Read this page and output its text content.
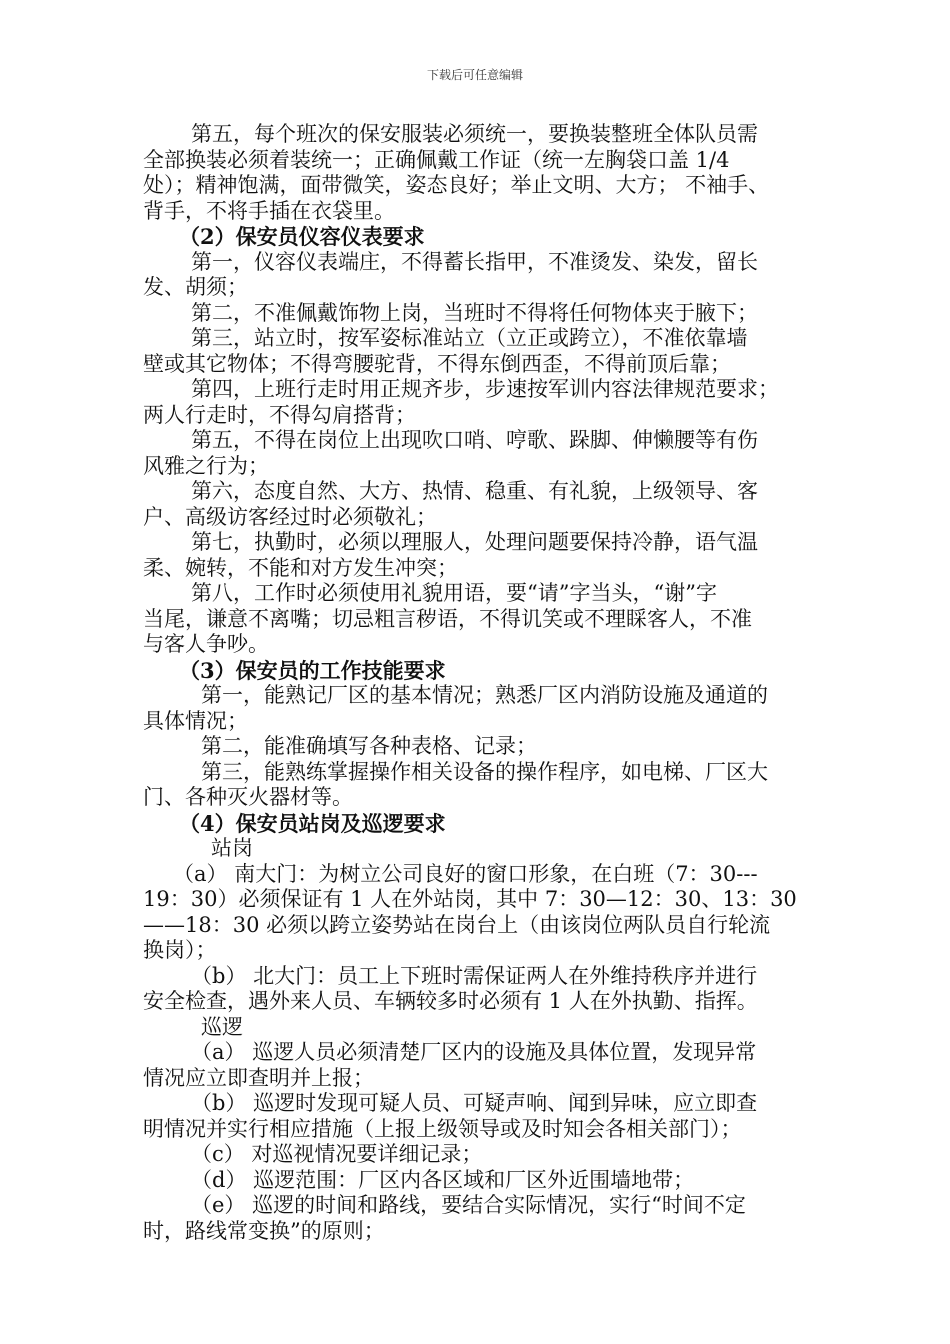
下载后可任意编辑
第五，每个班次的保安服装必须统一，要换装整班全体队员需
全部换装必须着装统一；正确佩戴工作证（统一左胸袋口盖 1/4
处）；精神饱满，面带微笑，姿态良好；举止文明、大方； 不袖手、
背手，不将手插在衣袋里。
（2）保安员仪容仪表要求
第一，仪容仪表端庄，不得蓄长指甲，不准烫发、染发，留长
发、胡须；
第二，不准佩戴饰物上岗，当班时不得将任何物体夹于腋下；
第三，站立时，按军姿标准站立（立正或跨立），不准依靠墙
壁或其它物体；不得弯腰驼背，不得东倒西歪，不得前顶后靠；
第四，上班行走时用正规齐步，步速按军训内容法律规范要求；
两人行走时，不得勾肩搭背；
第五，不得在岗位上出现吹口哨、哼歌、跺脚、伸懒腰等有伤
风雅之行为；
第六，态度自然、大方、热情、稳重、有礼貌，上级领导、客
户、高级访客经过时必须敬礼；
第七，执勤时，必须以理服人，处理问题要保持冷静，语气温
柔、婉转，不能和对方发生冲突；
第八，工作时必须使用礼貌用语，要“请”字当头，“谢”字
当尾，谦意不离嘴；切忌粗言秽语，不得讥笑或不理睬客人，不准
与客人争吵。
（3）保安员的工作技能要求
第一，能熟记厂区的基本情况；熟悉厂区内消防设施及通道的
具体情况；
第二，能准确填写各种表格、记录；
第三，能熟练掌握操作相关设备的操作程序，如电梯、厂区大
门、各种灭火器材等。
（4）保安员站岗及巡逻要求
站岗
（a） 南大门：为树立公司良好的窗口形象，在白班（7：30---
19：30）必须保证有 1 人在外站岗，其中 7：30—12：30、13：30
——18：30 必须以跨立姿势站在岗台上（由该岗位两队员自行轮流
换岗）；
（b） 北大门：员工上下班时需保证两人在外维持秩序并进行
安全检查，遇外来人员、车辆较多时必须有 1 人在外执勤、指挥。
巡逻
（a） 巡逻人员必须清楚厂区内的设施及具体位置，发现异常
情况应立即查明并上报；
（b） 巡逻时发现可疑人员、可疑声响、闻到异味，应立即查
明情况并实行相应措施（上报上级领导或及时知会各相关部门）；
（c） 对巡视情况要详细记录；
（d） 巡逻范围：厂区内各区域和厂区外近围墙地带；
（e） 巡逻的时间和路线，要结合实际情况，实行“时间不定
时，路线常变换”的原则；
